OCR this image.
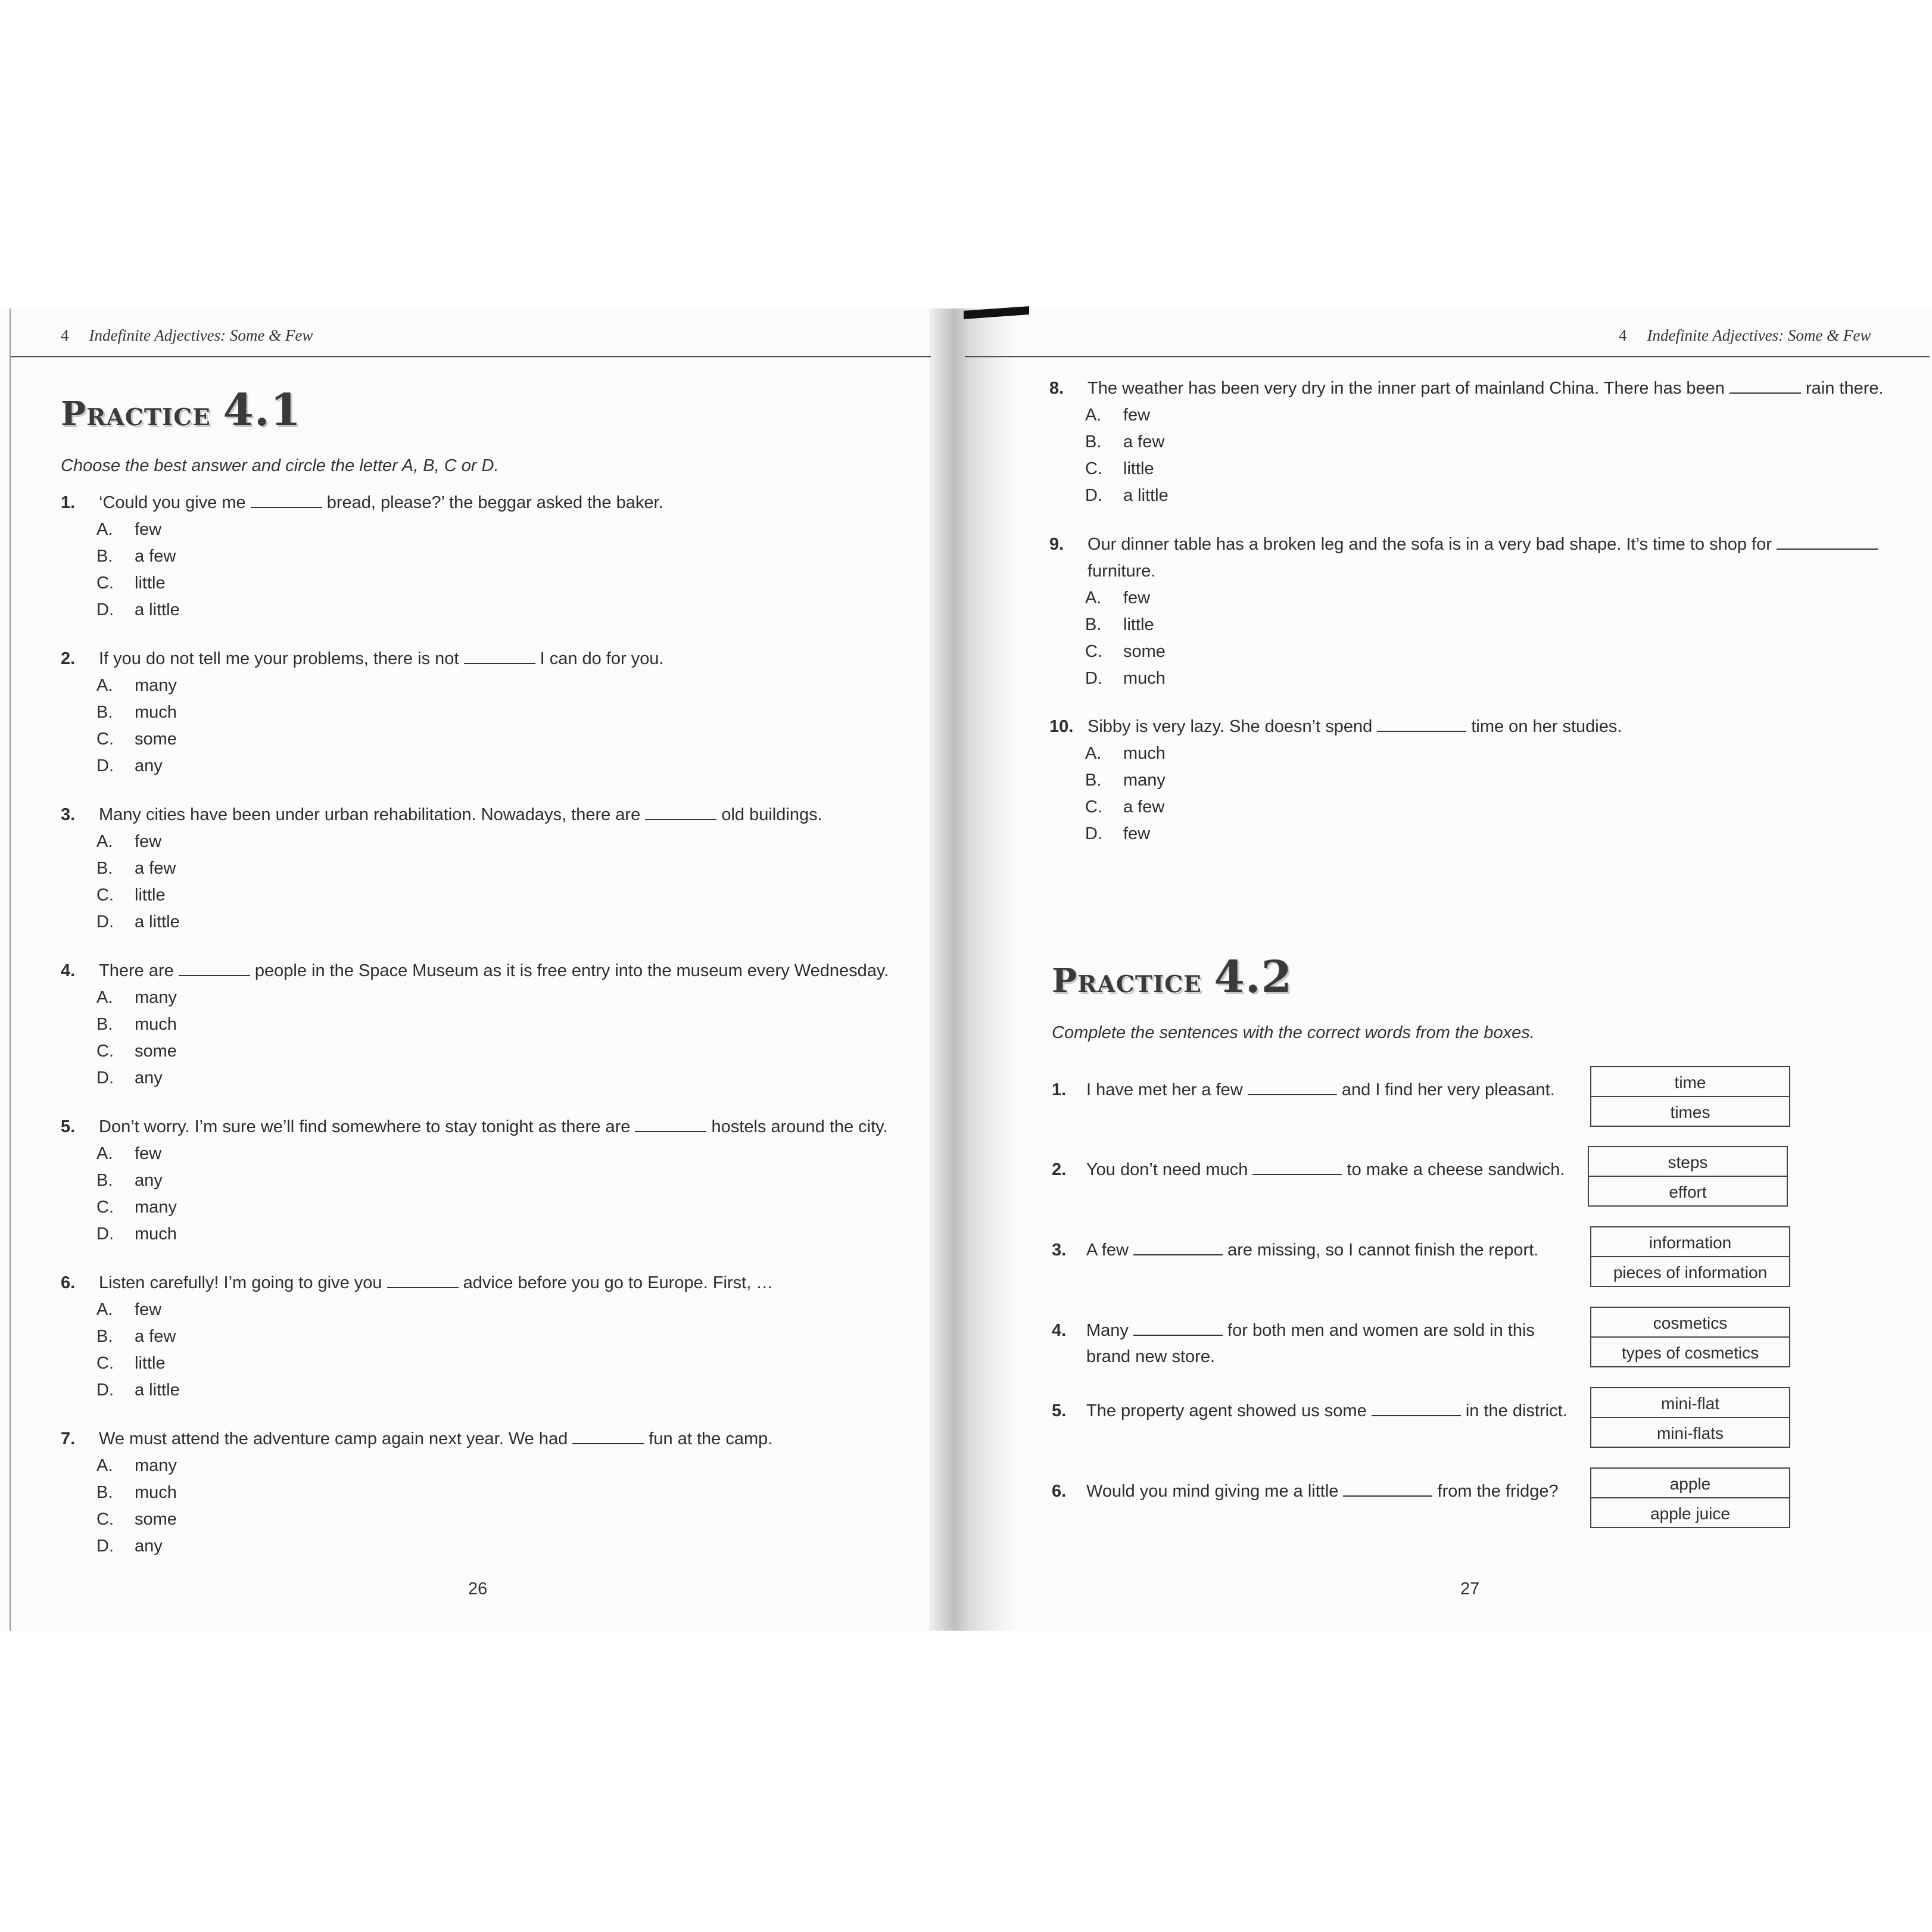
4 Indefinite Adjectives: Some & Few
Practice 4.1
Choose the best answer and circle the letter A, B, C or D.
1. ‘Could you give me	bread, please?’ the beggar asked the baker.
A.	few
B.	a few
C.	little
D.	a little
2. If you do not tell me your problems, there is not	I can do for you.
A.	many
B.	much
C.	some
D.	any
3. Many cities have been under urban rehabilitation. Nowadays, there are	old buildings.
A.	few
B.	a few
C.	little
D.	a little
4. There are	people in the Space Museum as it is free entry into the museum every Wednesday.
A.	many
B.	much
C.	some
D.	any
5. Don’t worry. I’m sure we’ll find somewhere to stay tonight as there are	hostels around the city.
A.	few
B.	any
C.	many
D.	much
6. Listen carefully! I’m going to give you	advice before you go to Europe. First, …
A.	few
B.	a few
C.	little
D.	a little
7. We must attend the adventure camp again next year. We had	fun at the camp.
A.	many
B.	much
C.	some
D.	any
26
4 Indefinite Adjectives: Some & Few
8. The weather has been very dry in the inner part of mainland China. There has been	rain there.
A.	few
B.	a few
C.	little
D.	a little
9. Our dinner table has a broken leg and the sofa is in a very bad shape. It’s time to shop for  furniture.
A.	few
B.	little
C.	some
D.	much
10. Sibby is very lazy. She doesn’t spend	time on her studies.
A.	much
B.	many
C.	a few
D.	few
Practice 4.2
Complete the sentences with the correct words from the boxes.
1. I have met her a few	and I find her very pleasant.	time
times
2. You don’t need much	to make a cheese sandwich.	steps
effort
3. A few	are missing, so I cannot finish the report.	information
pieces of information
4. Many	for both men and women are sold in this
brand new store.
cosmetics
types of cosmetics
5. The property agent showed us some	in the district.	mini-flat
mini-flats
6. Would you mind giving me a little	from the fridge?	apple
apple juice
27
